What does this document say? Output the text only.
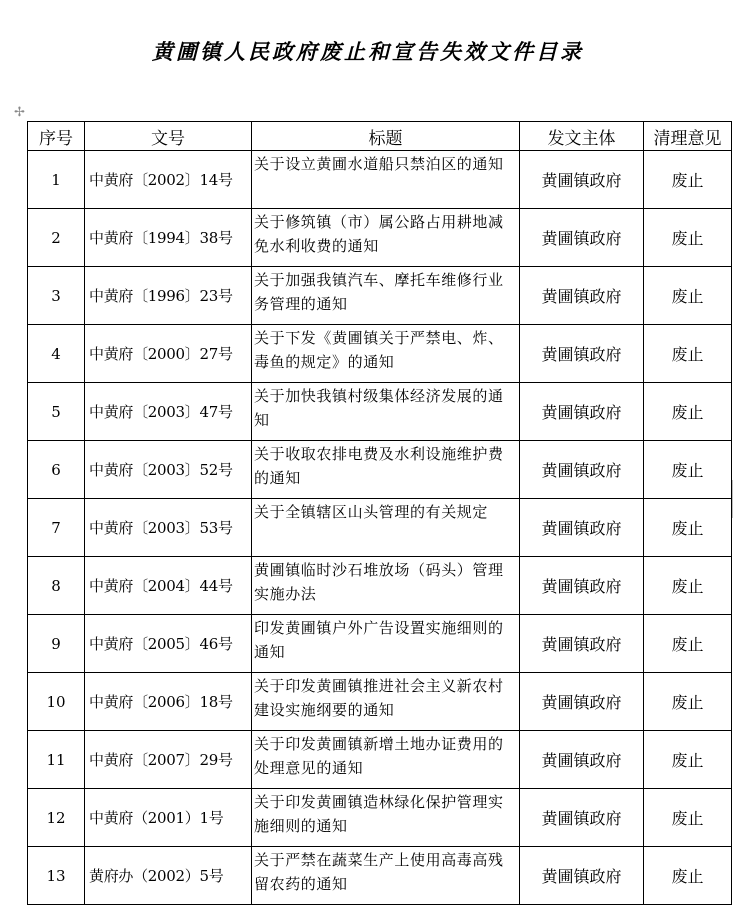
黄圃镇人民政府废止和宣告失效文件目录
✢
序号	文号	标题	发文主体	清理意见
1	中黄府〔2002〕14号	关于设立黄圃水道船只禁泊区的通知	黄圃镇政府	废止
2	中黄府〔1994〕38号	关于修筑镇（市）属公路占用耕地减免水利收费的通知	黄圃镇政府	废止
3	中黄府〔1996〕23号	关于加强我镇汽车、摩托车维修行业务管理的通知	黄圃镇政府	废止
4	中黄府〔2000〕27号	关于下发《黄圃镇关于严禁电、炸、毒鱼的规定》的通知	黄圃镇政府	废止
5	中黄府〔2003〕47号	关于加快我镇村级集体经济发展的通知	黄圃镇政府	废止
6	中黄府〔2003〕52号	关于收取农排电费及水利设施维护费的通知	黄圃镇政府	废止
7	中黄府〔2003〕53号	关于全镇辖区山头管理的有关规定	黄圃镇政府	废止
8	中黄府〔2004〕44号	黄圃镇临时沙石堆放场（码头）管理实施办法	黄圃镇政府	废止
9	中黄府〔2005〕46号	印发黄圃镇户外广告设置实施细则的通知	黄圃镇政府	废止
10	中黄府〔2006〕18号	关于印发黄圃镇推进社会主义新农村建设实施纲要的通知	黄圃镇政府	废止
11	中黄府〔2007〕29号	关于印发黄圃镇新增土地办证费用的处理意见的通知	黄圃镇政府	废止
12	中黄府（2001）1号	关于印发黄圃镇造林绿化保护管理实施细则的通知	黄圃镇政府	废止
13	黄府办（2002）5号	关于严禁在蔬菜生产上使用高毒高残留农药的通知	黄圃镇政府	废止
